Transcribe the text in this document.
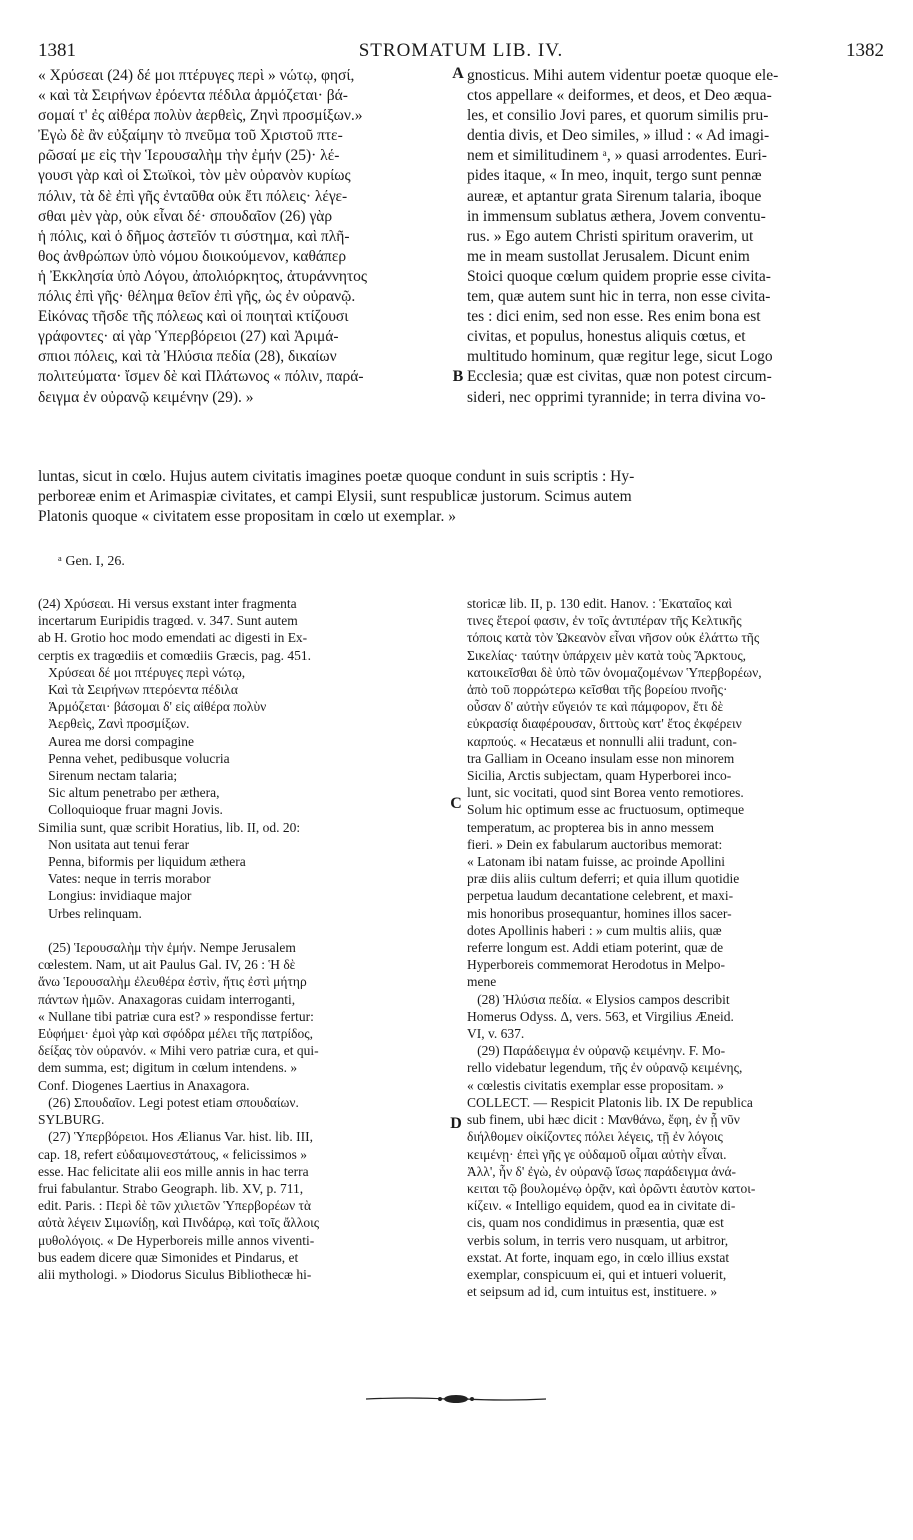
1381	STROMATUM LIB. IV.	1382
« Χρύσεαι (24) δέ μοι πτέρυγες περὶ » νώτῳ, φησί,
« καὶ τὰ Σειρήνων ἐρόεντα πέδιλα ἁρμόζεται· βά-
σομαί τ' ἐς αἰθέρα πολὺν ἀερθεὶς, Ζηνὶ προσμίξων.»
Ἐγὼ δὲ ἂν εὐξαίμην τὸ πνεῦμα τοῦ Χριστοῦ πτε-
ρῶσαί με εἰς τὴν Ἱερουσαλὴμ τὴν ἐμήν (25)· λέ-
γουσι γὰρ καὶ οἱ Στωϊκοὶ, τὸν μὲν οὐρανὸν κυρίως
πόλιν, τὰ δὲ ἐπὶ γῆς ἐνταῦθα οὐκ ἔτι πόλεις· λέγε-
σθαι μὲν γὰρ, οὐκ εἶναι δέ· σπουδαῖον (26) γὰρ
ἡ πόλις, καὶ ὁ δῆμος ἀστεῖόν τι σύστημα, καὶ πλῆ-
θος ἀνθρώπων ὑπὸ νόμου διοικούμενον, καθάπερ
ἡ Ἐκκλησία ὑπὸ Λόγου, ἀπολιόρκητος, ἀτυράννητος
πόλις ἐπὶ γῆς· θέλημα θεῖον ἐπὶ γῆς, ὡς ἐν οὐρανῷ.
Εἰκόνας τῆσδε τῆς πόλεως καὶ οἱ ποιηταὶ κτίζουσι
γράφοντες· αἱ γὰρ Ὑπερβόρειοι (27) καὶ Ἀριμά-
σπιοι πόλεις, καὶ τὰ Ἠλύσια πεδία (28), δικαίων
πολιτεύματα· ἴσμεν δὲ καὶ Πλάτωνος « πόλιν, παρά-
δειγμα ἐν οὐρανῷ κειμένην (29). »
gnosticus. Mihi autem videntur poetæ quoque ele-
ctos appellare « deiformes, et deos, et Deo æqua-
les, et consilio Jovi pares, et quorum similis pru-
dentia divis, et Deo similes, » illud : « Ad imagi-
nem et similitudinem ᵃ, » quasi arrodentes. Euri-
pides itaque, « In meo, inquit, tergo sunt pennæ
aureæ, et aptantur grata Sirenum talaria, iboque
in immensum sublatus æthera, Jovem conventu-
rus. » Ego autem Christi spiritum oraverim, ut
me in meam sustollat Jerusalem. Dicunt enim
Stoici quoque cœlum quidem proprie esse civita-
tem, quæ autem sunt hic in terra, non esse civita-
tes : dici enim, sed non esse. Res enim bona est
civitas, et populus, honestus aliquis cœtus, et
multitudo hominum, quæ regitur lege, sicut Logo
Ecclesia; quæ est civitas, quæ non potest circum-
sideri, nec opprimi tyrannide; in terra divina vo-
luntas, sicut in cœlo. Hujus autem civitatis imagines poetæ quoque condunt in suis scriptis : Hy-
perboreæ enim et Arimaspiæ civitates, et campi Elysii, sunt respublicæ justorum. Scimus autem
Platonis quoque « civitatem esse propositam in cœlo ut exemplar. »
ᵃ Gen. I, 26.
(24) Χρύσεαι. Hi versus exstant inter fragmenta
incertarum Euripidis tragœd. v. 347. Sunt autem
ab H. Grotio hoc modo emendati ac digesti in Ex-
cerptis ex tragœdiis et comœdiis Græcis, pag. 451.
Χρύσεαι δέ μοι πτέρυγες περὶ νώτῳ,
Καὶ τὰ Σειρήνων πτερόεντα πέδιλα
Ἁρμόζεται· βάσομαι δ' εἰς αἰθέρα πολὺν
Ἀερθεὶς, Ζανὶ προσμίξων.
Aurea me dorsi compagine
Penna vehet, pedibusque volucria
Sirenum nectam talaria;
Sic altum penetrabo per æthera,
Colloquioque fruar magni Jovis.
Similia sunt, quæ scribit Horatius, lib. II, od. 20:
Non usitata aut tenui ferar
Penna, biformis per liquidum æthera
Vates: neque in terris morabor
Longius: invidiaque major
Urbes relinquam.

(25) Ἱερουσαλὴμ τὴν ἐμήν. Nempe Jerusalem
cœlestem. Nam, ut ait Paulus Gal. IV, 26 : Ἡ δὲ
ἄνω Ἱερουσαλὴμ ἐλευθέρα ἐστὶν, ἥτις ἐστὶ μήτηρ
πάντων ἡμῶν. Anaxagoras cuidam interroganti,
« Nullane tibi patriæ cura est? » respondisse fertur:
Εὐφήμει· ἐμοὶ γὰρ καὶ σφόδρα μέλει τῆς πατρίδος,
δείξας τὸν οὐρανόν. « Mihi vero patriæ cura, et qui-
dem summa, est; digitum in cœlum intendens. »
Conf. Diogenes Laertius in Anaxagora.
(26) Σπουδαῖον. Legi potest etiam σπουδαίων.
SYLBURG.
(27) Ὑπερβόρειοι. Hos Ælianus Var. hist. lib. III,
cap. 18, refert εὐδαιμονεστάτους, « felicissimos »
esse. Hac felicitate alii eos mille annis in hac terra
frui fabulantur. Strabo Geograph. lib. XV, p. 711,
edit. Paris. : Περὶ δὲ τῶν χιλιετῶν Ὑπερβορέων τὰ
αὐτὰ λέγειν Σιμωνίδῃ, καὶ Πινδάρῳ, καὶ τοῖς ἄλλοις
μυθολόγοις. « De Hyperboreis mille annos viventi-
bus eadem dicere quæ Simonides et Pindarus, et
alii mythologi. » Diodorus Siculus Bibliothecæ hi-
storicæ lib. II, p. 130 edit. Hanov. : Ἑκαταῖος καὶ
τινες ἕτεροί φασιν, ἐν τοῖς ἀντιπέραν τῆς Κελτικῆς
τόποις κατὰ τὸν Ὠκεανὸν εἶναι νῆσον οὐκ ἐλάττω τῆς
Σικελίας· ταύτην ὑπάρχειν μὲν κατὰ τοὺς Ἄρκτους,
κατοικεῖσθαι δὲ ὑπὸ τῶν ὀνομαζομένων Ὑπερβορέων,
ἀπὸ τοῦ πορρώτερω κεῖσθαι τῆς βορείου πνοῆς·
οὖσαν δ' αὐτὴν εὔγειόν τε καὶ πάμφορον, ἔτι δὲ
εὐκρασίᾳ διαφέρουσαν, διττοὺς κατ' ἔτος ἐκφέρειν
καρπούς. « Hecatæus et nonnulli alii tradunt, con-
tra Galliam in Oceano insulam esse non minorem
Sicilia, Arctis subjectam, quam Hyperborei inco-
lunt, sic vocitati, quod sint Borea vento remotiores.
Solum hic optimum esse ac fructuosum, optimeque
temperatum, ac propterea bis in anno messem
fieri. » Dein ex fabularum auctoribus memorat:
« Latonam ibi natam fuisse, ac proinde Apollini
præ diis aliis cultum deferri; et quia illum quotidie
perpetua laudum decantatione celebrent, et maxi-
mis honoribus prosequantur, homines illos sacer-
dotes Apollinis haberi : » cum multis aliis, quæ
referre longum est. Addi etiam poterint, quæ de
Hyperboreis commemorat Herodotus in Melpo-
mene
(28) Ἠλύσια πεδία. « Elysios campos describit
Homerus Odyss. Δ, vers. 563, et Virgilius Æneid.
VI, v. 637.
(29) Παράδειγμα ἐν οὐρανῷ κειμένην. F. Mo-
rello videbatur legendum, τῆς ἐν οὐρανῷ κειμένης,
« cœlestis civitatis exemplar esse propositam. »
COLLECT. — Respicit Platonis lib. IX De republica
sub finem, ubi hæc dicit : Μανθάνω, ἔφη, ἐν ᾗ νῦν
διήλθομεν οἰκίζοντες πόλει λέγεις, τῇ ἐν λόγοις
κειμένῃ· ἐπεὶ γῆς γε οὐδαμοῦ οἶμαι αὐτὴν εἶναι.
Ἀλλ', ἦν δ' ἐγὼ, ἐν οὐρανῷ ἴσως παράδειγμα ἀνά-
κειται τῷ βουλομένῳ ὁρᾷν, καὶ ὁρῶντι ἑαυτὸν κατοι-
κίζειν. « Intelligo equidem, quod ea in civitate di-
cis, quam nos condidimus in præsentia, quæ est
verbis solum, in terris vero nusquam, ut arbitror,
exstat. At forte, inquam ego, in cœlo illius exstat
exemplar, conspicuum ei, qui et intueri voluerit,
et seipsum ad id, cum intuitus est, instituere. »
A
B
C
D
